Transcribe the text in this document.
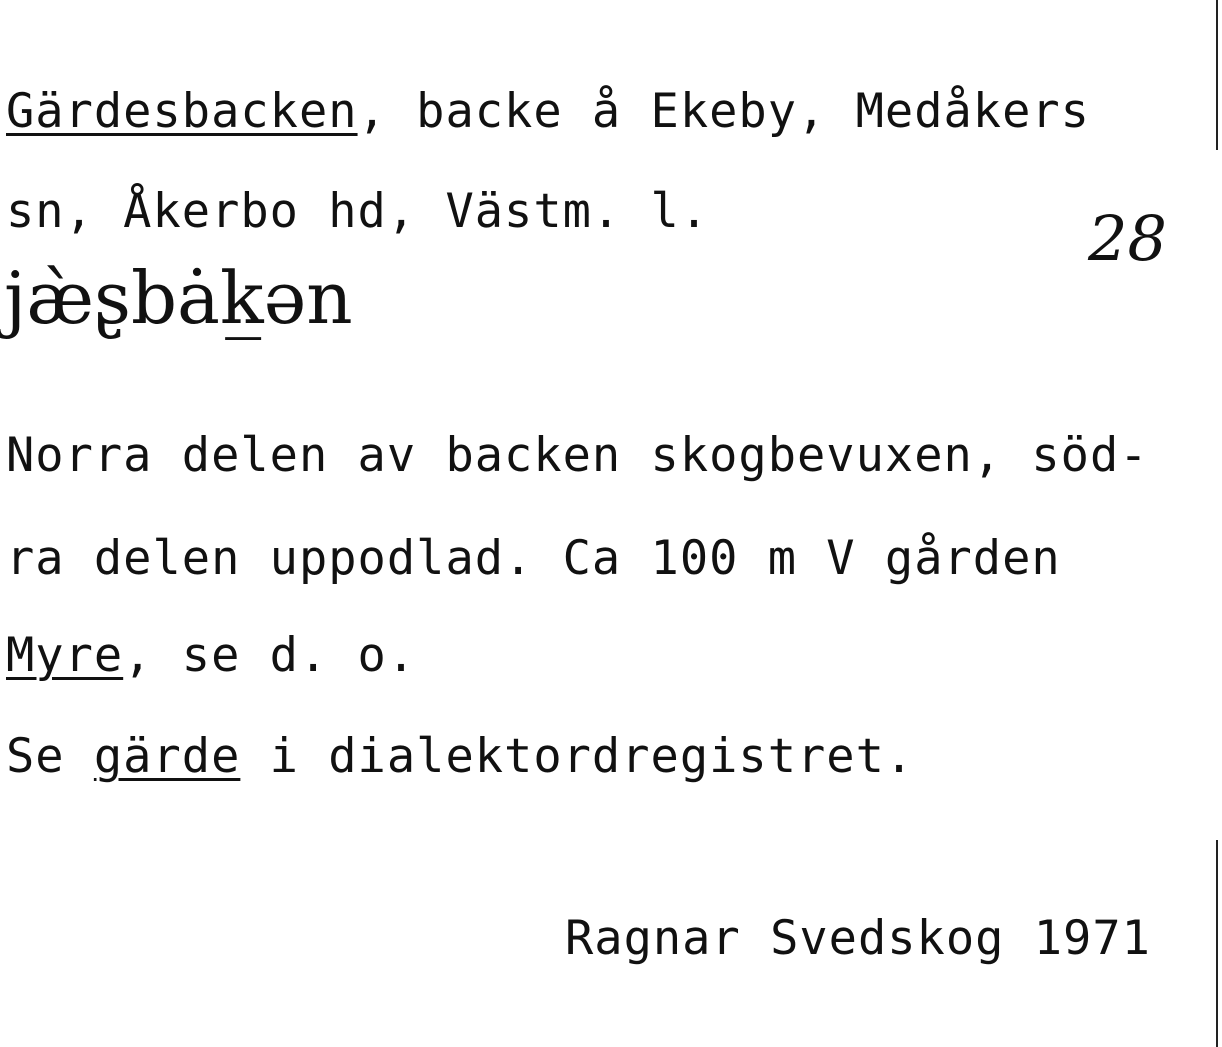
Gärdesbacken, backe å Ekeby, Medåkers
sn, Åkerbo hd, Västm. l.	28
jæ̀ʂbȧk̲ən
Norra delen av backen skogbevuxen, söd-
ra delen uppodlad. Ca 100 m V gården
Myre, se d. o.
Se gärde i dialektordregistret.
Ragnar Svedskog 1971
